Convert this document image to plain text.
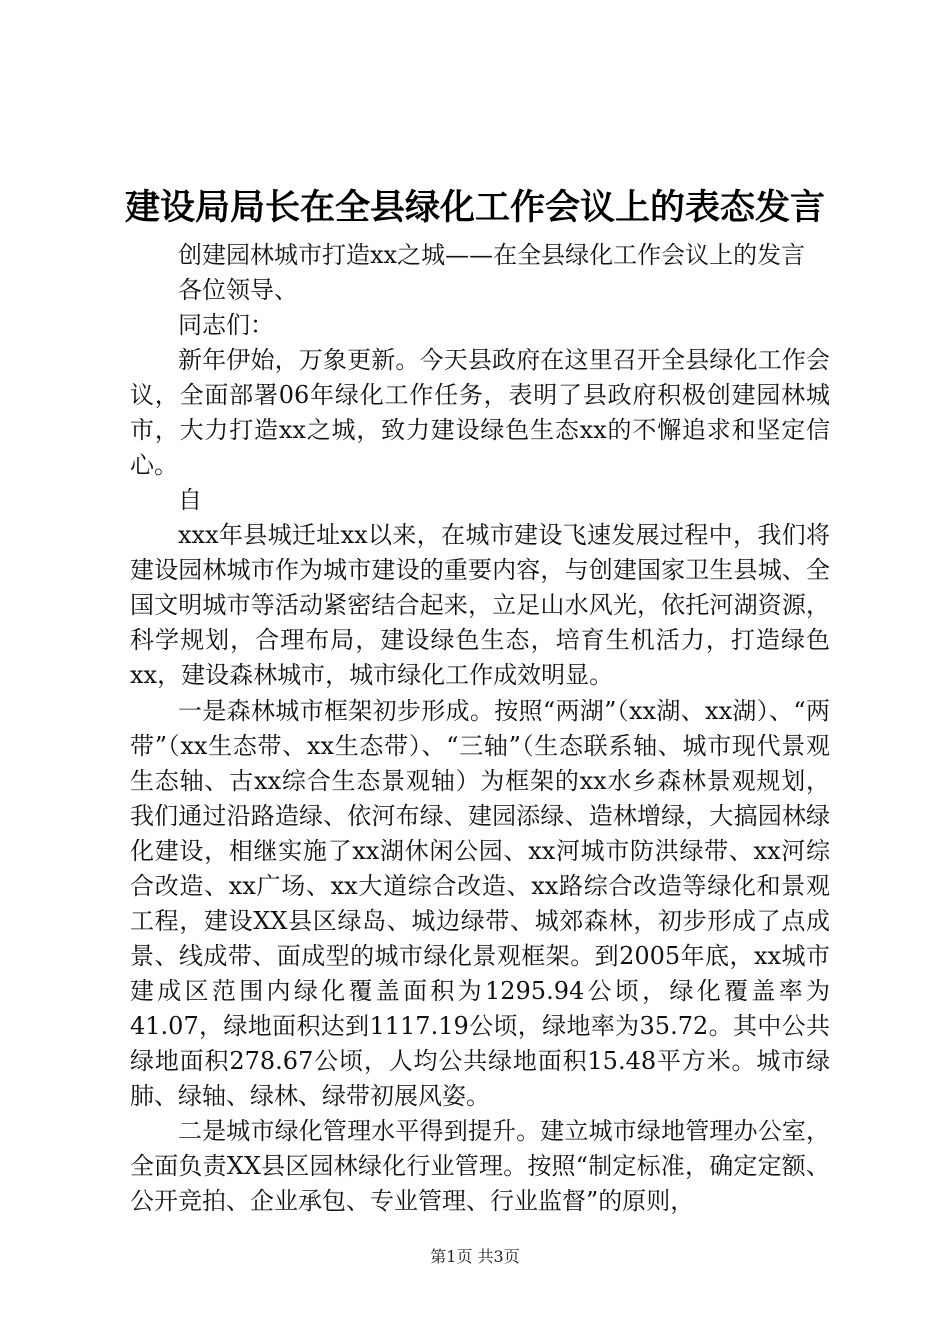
建设局局长在全县绿化工作会议上的表态发言

创建园林城市打造xx之城——在全县绿化工作会议上的发言

各位领导、

同志们：

新年伊始，万象更新。今天县政府在这里召开全县绿化工作会议，全面部署06年绿化工作任务，表明了县政府积极创建园林城市，大力打造xx之城，致力建设绿色生态xx的不懈追求和坚定信心。

自

xxx年县城迁址xx以来，在城市建设飞速发展过程中，我们将建设园林城市作为城市建设的重要内容，与创建国家卫生县城、全国文明城市等活动紧密结合起来，立足山水风光，依托河湖资源，科学规划，合理布局，建设绿色生态，培育生机活力，打造绿色xx，建设森林城市，城市绿化工作成效明显。

一是森林城市框架初步形成。按照“两湖”（xx湖、xx湖）、“两带”（xx生态带、xx生态带）、“三轴”（生态联系轴、城市现代景观生态轴、古xx综合生态景观轴）为框架的xx水乡森林景观规划，我们通过沿路造绿、依河布绿、建园添绿、造林增绿，大搞园林绿化建设，相继实施了xx湖休闲公园、xx河城市防洪绿带、xx河综合改造、xx广场、xx大道综合改造、xx路综合改造等绿化和景观工程，建设XX县区绿岛、城边绿带、城郊森林，初步形成了点成景、线成带、面成型的城市绿化景观框架。到2005年底，xx城市建成区范围内绿化覆盖面积为1295.94公顷，绿化覆盖率为41.07，绿地面积达到1117.19公顷，绿地率为35.72。其中公共绿地面积278.67公顷，人均公共绿地面积15.48平方米。城市绿肺、绿轴、绿林、绿带初展风姿。

二是城市绿化管理水平得到提升。建立城市绿地管理办公室，全面负责XX县区园林绿化行业管理。按照“制定标准，确定定额、公开竞拍、企业承包、专业管理、行业监督”的原则，

第1页 共3页
